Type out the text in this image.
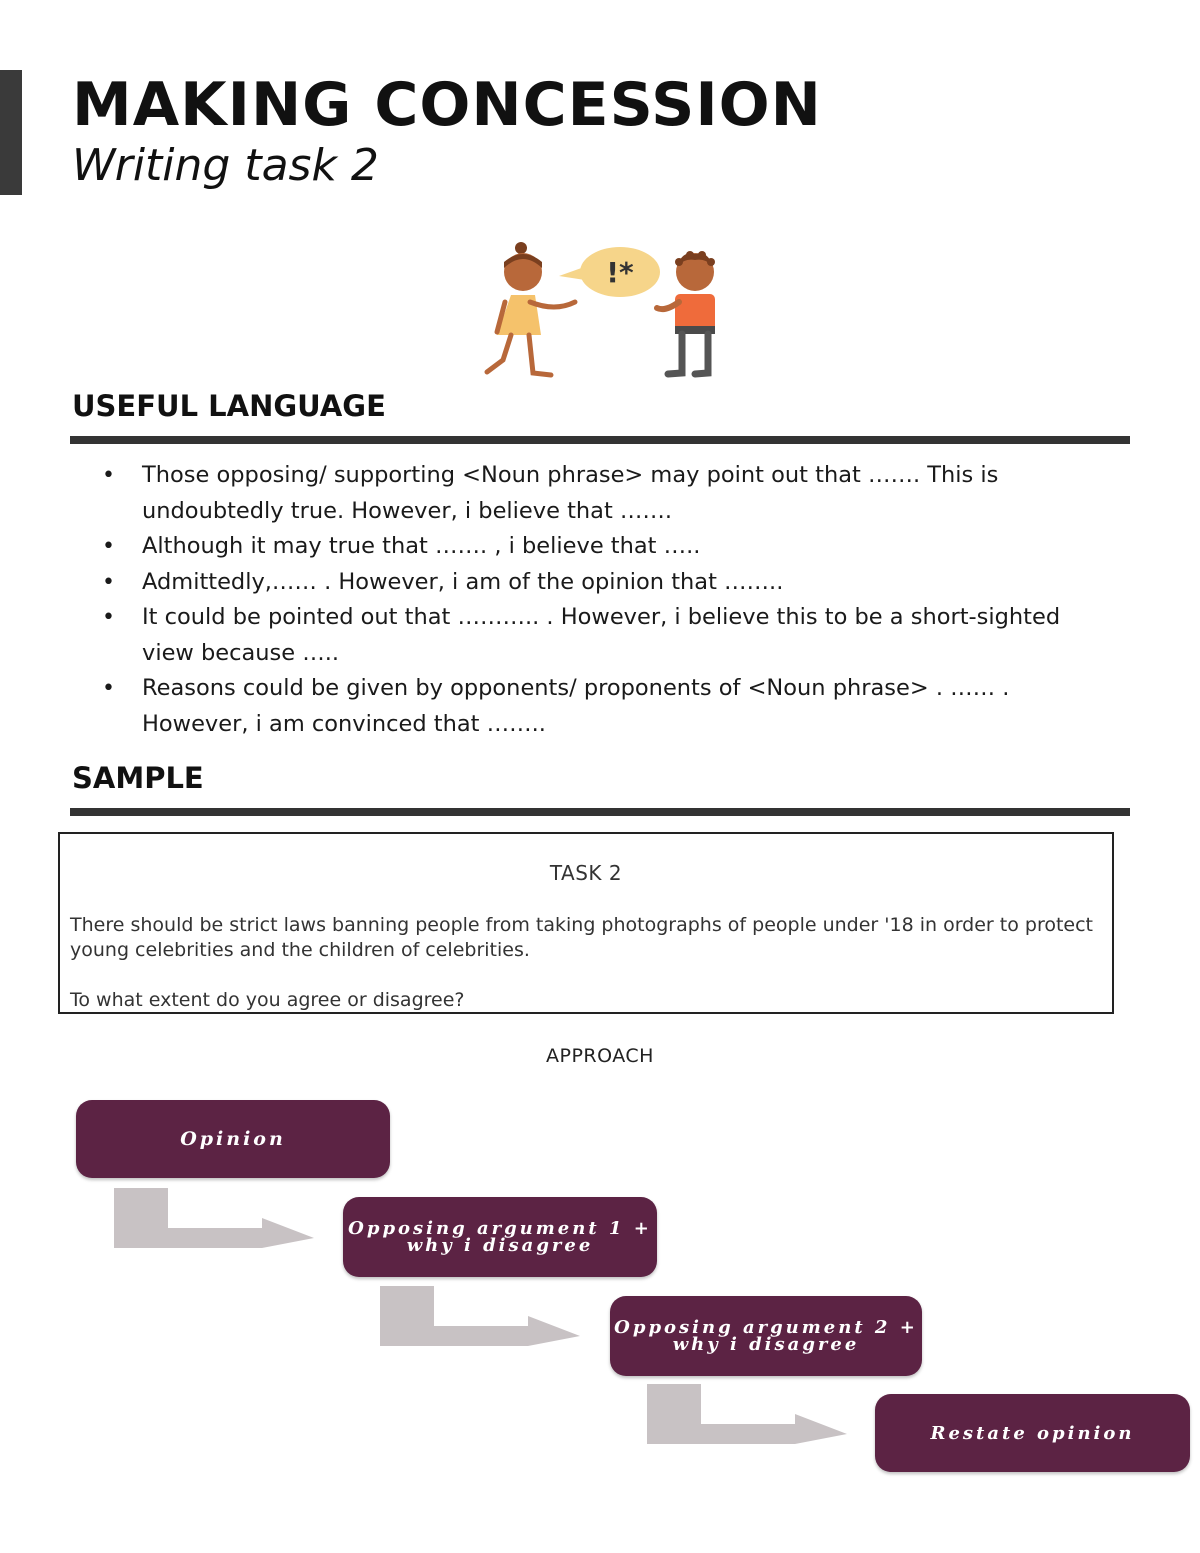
MAKING CONCESSION
Writing task 2
!*
USEFUL LANGUAGE
• Those opposing/ supporting <Noun phrase> may point out that ……. This is undoubtedly true. However, i believe that …….
• Although it may true that ……. , i believe that …..
• Admittedly,…… . However, i am of the opinion that ……..
• It could be pointed out that ……….. . However, i believe this to be a short-sighted view because …..
• Reasons could be given by opponents/ proponents of <Noun phrase> . …… . However, i am convinced that ……..
SAMPLE
TASK 2
There should be strict laws banning people from taking photographs of people under '18 in order to protect young celebrities and the children of celebrities.
To what extent do you agree or disagree?
APPROACH
Opinion
Opposing argument 1 + why i disagree
Opposing argument 2 + why i disagree
Restate opinion
